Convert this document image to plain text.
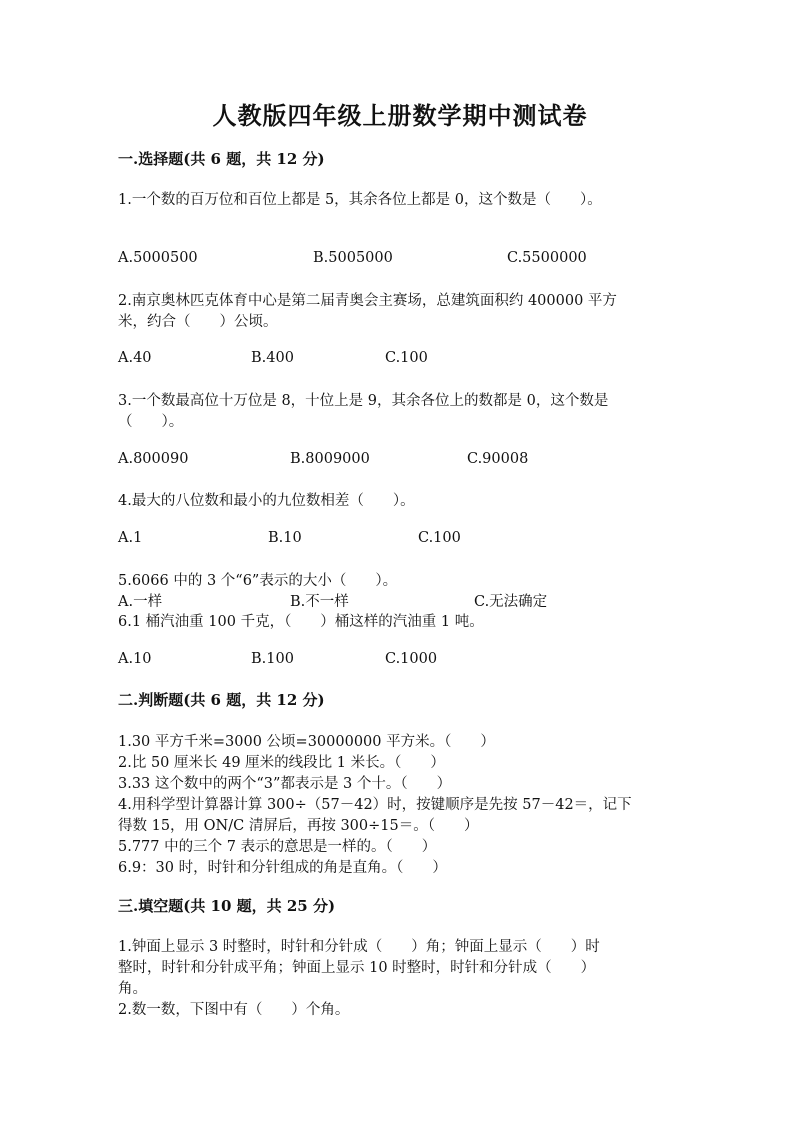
人教版四年级上册数学期中测试卷
一.选择题(共 6 题，共 12 分)
1.一个数的百万位和百位上都是 5，其余各位上都是 0，这个数是（　　）。
A.5000500	B.5005000	C.5500000
2.南京奥林匹克体育中心是第二届青奥会主赛场，总建筑面积约 400000 平方
米，约合（　　）公顷。
A.40	B.400	C.100
3.一个数最高位十万位是 8，十位上是 9，其余各位上的数都是 0，这个数是
（　　）。
A.800090	B.8009000	C.90008
4.最大的八位数和最小的九位数相差（　　）。
A.1	B.10	C.100
5.6066 中的 3 个“6”表示的大小（　　）。
A.一样	B.不一样	C.无法确定
6.1 桶汽油重 100 千克，（　　）桶这样的汽油重 1 吨。
A.10	B.100	C.1000
二.判断题(共 6 题，共 12 分)
1.30 平方千米=3000 公顷=30000000 平方米。（　　）
2.比 50 厘米长 49 厘米的线段比 1 米长。（　　）
3.33 这个数中的两个“3”都表示是 3 个十。（　　）
4.用科学型计算器计算 300÷（57－42）时，按键顺序是先按 57－42＝，记下
得数 15，用 ON/C 清屏后，再按 300÷15＝。（　　）
5.777 中的三个 7 表示的意思是一样的。（　　）
6.9：30 时，时针和分针组成的角是直角。（　　）
三.填空题(共 10 题，共 25 分)
1.钟面上显示 3 时整时，时针和分针成（　　）角；钟面上显示（　　）时
整时，时针和分针成平角；钟面上显示 10 时整时，时针和分针成（　　）
角。
2.数一数，下图中有（　　）个角。
